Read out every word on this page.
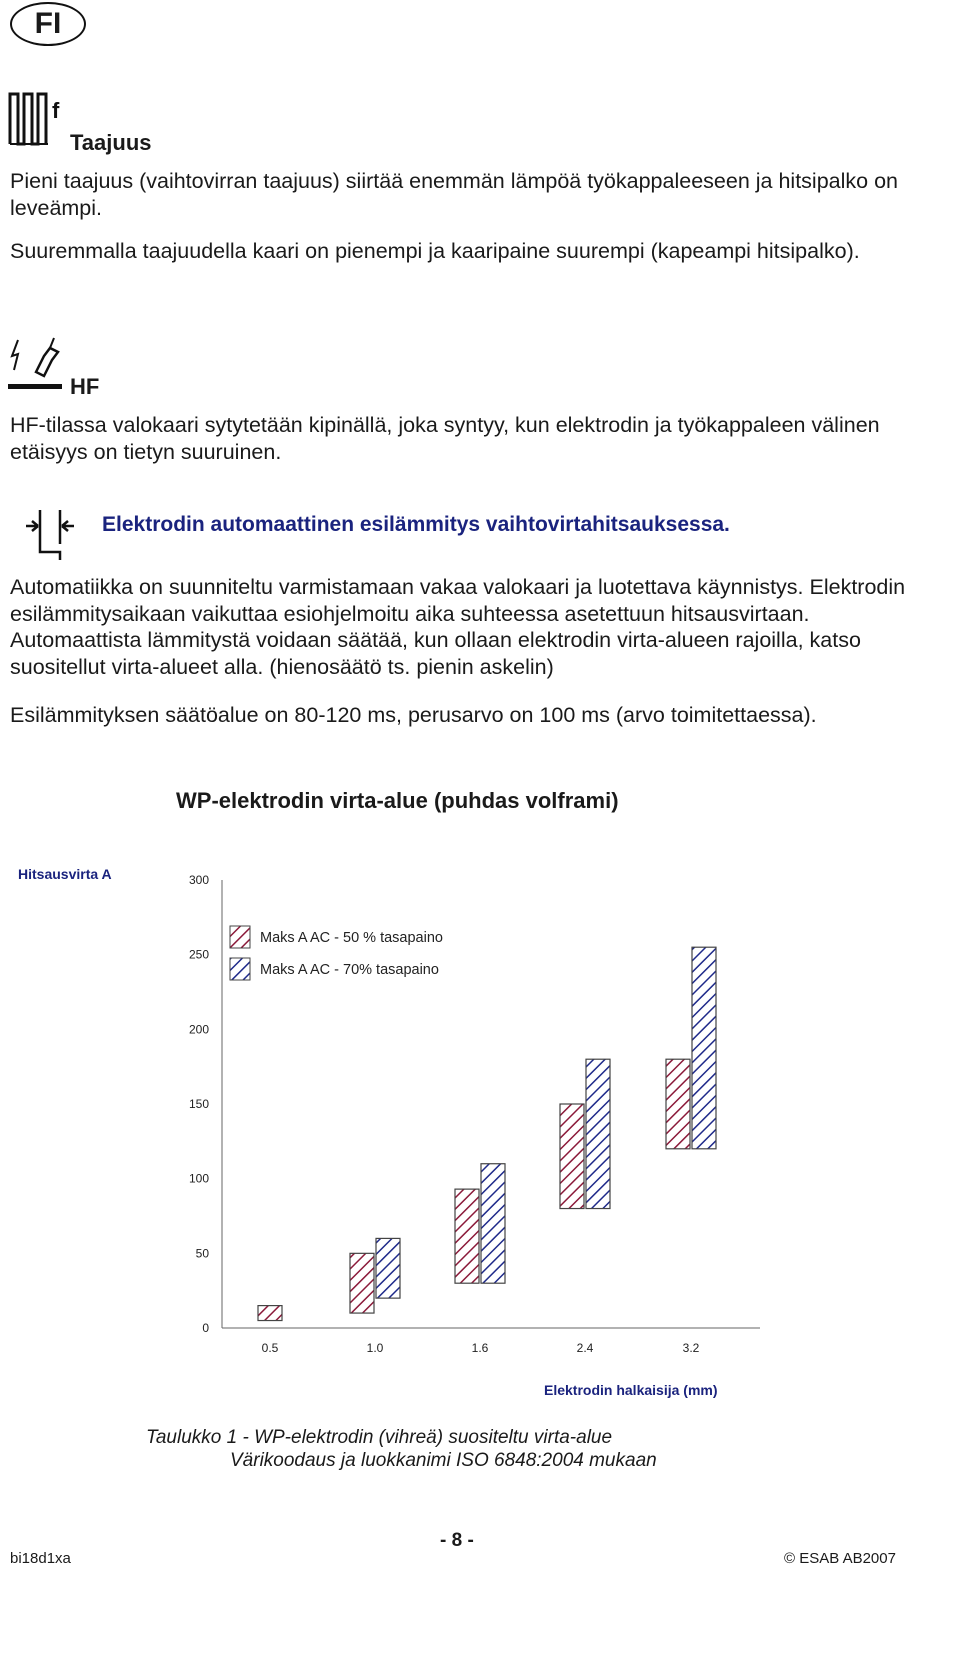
FI
f
Taajuus

Pieni taajuus (vaihtovirran taajuus) siirtää enemmän lämpöä työkappaleeseen ja hitsipalko on leveämpi.

Suuremmalla taajuudella kaari on pienempi ja kaaripaine suurempi (kapeampi hitsipalko).

HF

HF-tilassa valokaari sytytetään kipinällä, joka syntyy, kun elektrodin ja työkappaleen välinen etäisyys on tietyn suuruinen.

Elektrodin automaattinen esilämmitys vaihtovirtahitsauksessa.

Automatiikka on suunniteltu varmistamaan vakaa valokaari ja luotettava käynnistys. Elektrodin esilämmitysaikaan vaikuttaa esiohjelmoitu aika suhteessa asetettuun hitsausvirtaan. Automaattista lämmitystä voidaan säätää, kun ollaan elektrodin virta-alueen rajoilla, katso suositellut virta-alueet alla. (hienosäätö ts. pienin askelin)

Esilämmityksen säätöalue on 80-120 ms, perusarvo on 100 ms (arvo toimitettaessa).

WP-elektrodin virta-alue (puhdas volframi)
Hitsausvirta A
Elektrodin halkaisija (mm)
0
50
100
150
200
250
300
0.5	1.0	1.6	2.4	3.2
Maks A AC - 50 % tasapaino
Maks A AC - 70% tasapaino
Taulukko 1 - WP-elektrodin (vihreä) suositeltu virta-alue
Värikoodaus ja luokkanimi ISO 6848:2004 mukaan
- 8 -
bi18d1xa	© ESAB AB2007
